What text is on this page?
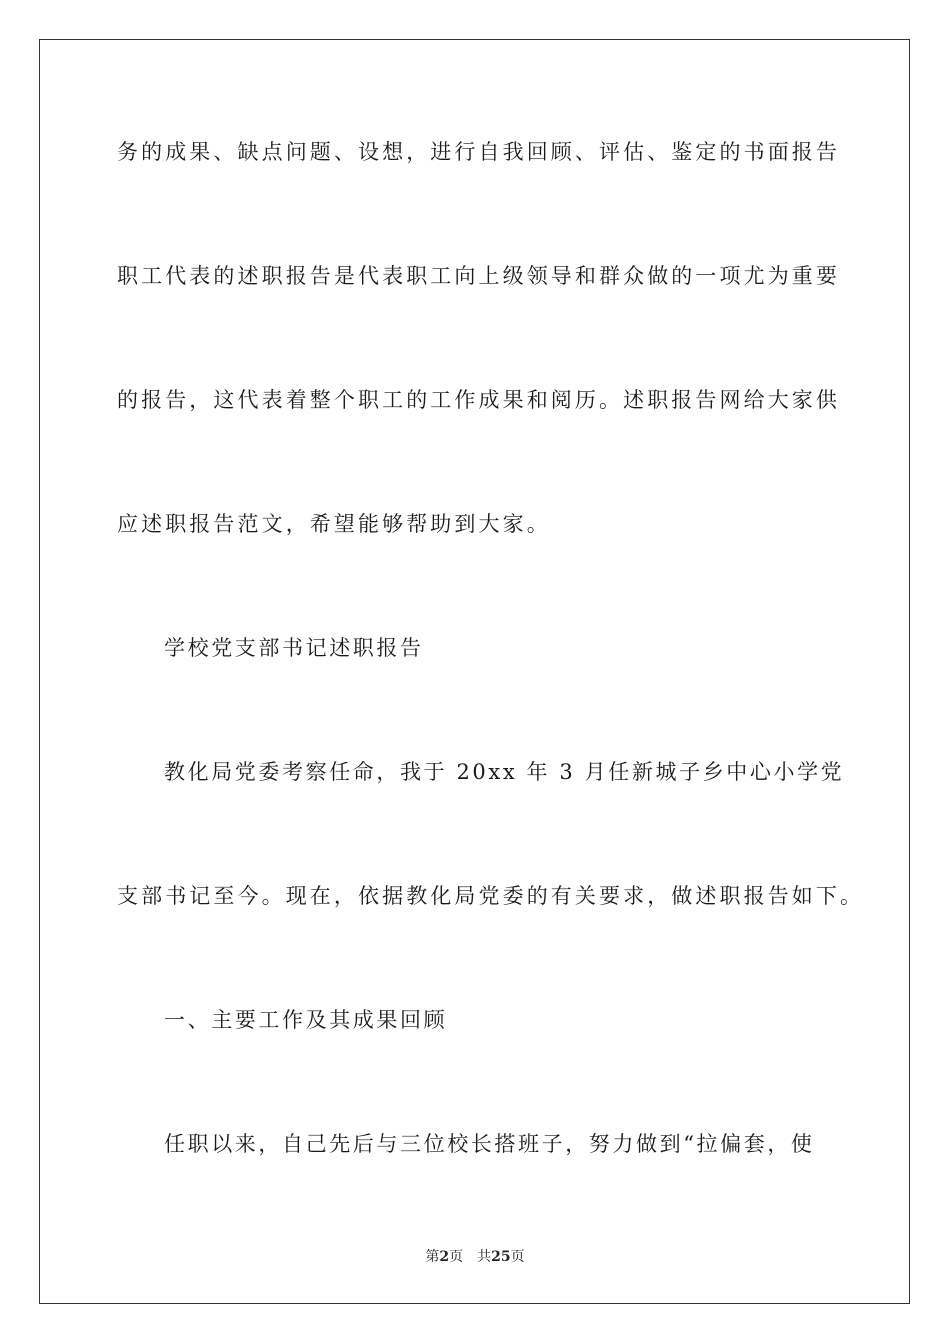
务的成果、缺点问题、设想，进行自我回顾、评估、鉴定的书面报告
职工代表的述职报告是代表职工向上级领导和群众做的一项尤为重要
的报告，这代表着整个职工的工作成果和阅历。述职报告网给大家供
应述职报告范文，希望能够帮助到大家。
学校党支部书记述职报告
教化局党委考察任命，我于 20xx 年 3 月任新城子乡中心小学党
支部书记至今。现在，依据教化局党委的有关要求，做述职报告如下。
一、主要工作及其成果回顾
任职以来，自己先后与三位校长搭班子，努力做到“拉偏套，使
第2页 共25页
